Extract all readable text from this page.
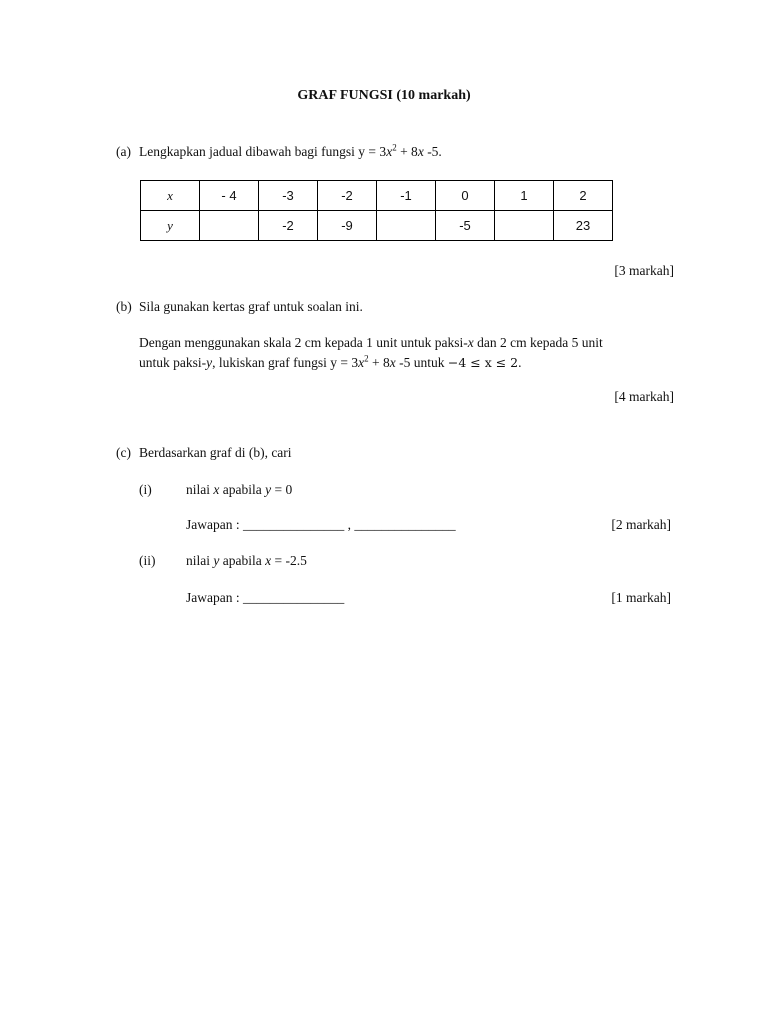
GRAF FUNGSI (10 markah)
(a) Lengkapkan jadual dibawah bagi fungsi $y = 3x^2 + 8x$ -5.
x	- 4	-3	-2	-1	0	1	2
y		-2	-9		-5		23
[3 markah]
(b) Sila gunakan kertas graf untuk soalan ini.
Dengan menggunakan skala 2 cm kepada 1 unit untuk paksi-x dan 2 cm kepada 5 unit
untuk paksi-y, lukiskan graf fungsi $y = 3x^2 + 8x$ -5 untuk −4 ≤ x ≤ 2.
[4 markah]
(c) Berdasarkan graf di (b), cari
(i)	nilai x apabila y = 0
Jawapan : _______________ , _______________	[2 markah]
(ii) nilai y apabila x = -2.5
Jawapan : _______________	[1 markah]
